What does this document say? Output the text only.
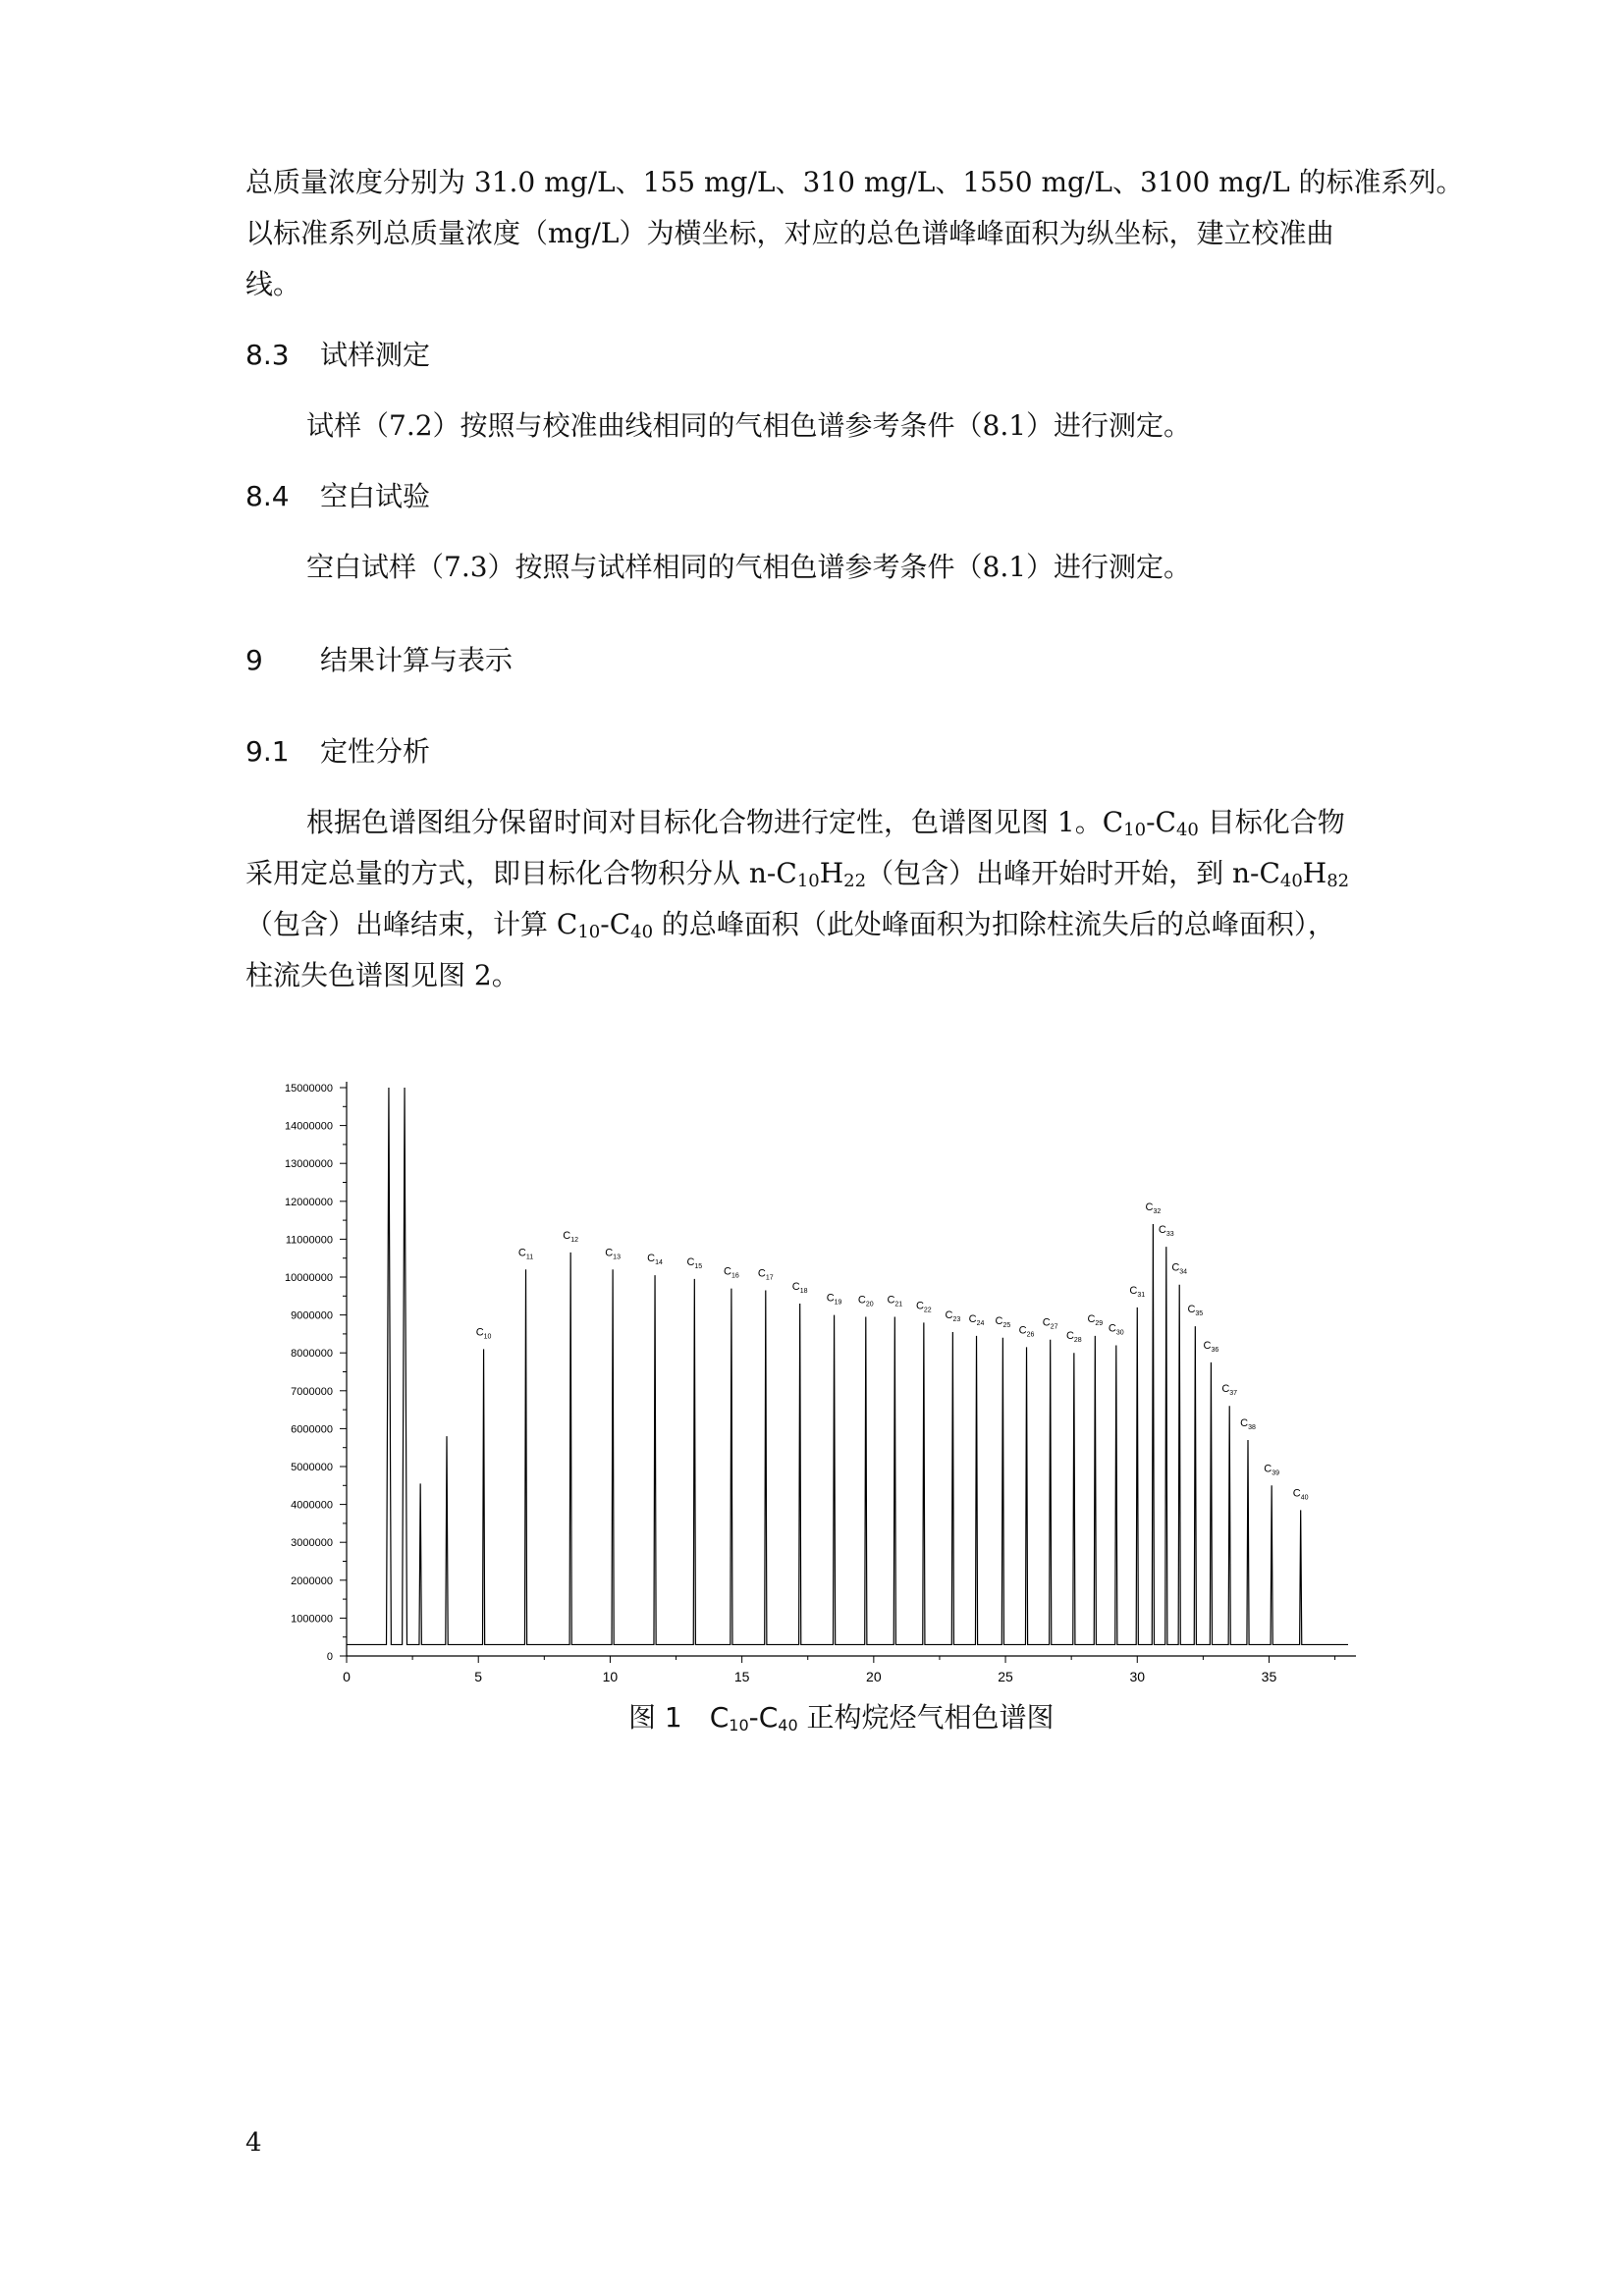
总质量浓度分别为 31.0 mg/L、155 mg/L、310 mg/L、1550 mg/L、3100 mg/L 的标准系列。
以标准系列总质量浓度（mg/L）为横坐标，对应的总色谱峰峰面积为纵坐标，建立校准曲
线。
8.3 试样测定
试样（7.2）按照与校准曲线相同的气相色谱参考条件（8.1）进行测定。
8.4 空白试验
空白试样（7.3）按照与试样相同的气相色谱参考条件（8.1）进行测定。
9 结果计算与表示
9.1 定性分析
根据色谱图组分保留时间对目标化合物进行定性，色谱图见图 1。$C_{10}-C_{40}$ 目标化合物
采用定总量的方式，即目标化合物积分从 $n-C_{10}H_{22}$（包含）出峰开始时开始，到 $n-C_{40}H_{82}$
（包含）出峰结束，计算 $C_{10}-C_{40}$ 的总峰面积（此处峰面积为扣除柱流失后的总峰面积），
柱流失色谱图见图 2。
0
1000000
2000000
3000000
4000000
5000000
6000000
7000000
8000000
9000000
10000000
11000000
12000000
13000000
14000000
15000000
0	5	10	15	20	25	30	35
$C_{10}$
$C_{11}$
$C_{12}$
$C_{13}$ $C_{14}$ $C_{15}$ $C_{16}$ $C_{17}$
$C_{18}$
$C_{19}$ $C_{20}$ $C_{21}$ $C_{22}$ $C_{23}$ $C_{24}$ $C_{25}$ $C_{26}$
$C_{27}$
$C_{28}$
$C_{29}$ $C_{30}$
$C_{31}$
$C_{32}$
$C_{33}$
$C_{34}$
$C_{35}$
$C_{36}$
$C_{37}$
$C_{38}$
$C_{39}$
$C_{40}$
图 1　$C_{10}-C_{40}$ 正构烷烃气相色谱图
4
